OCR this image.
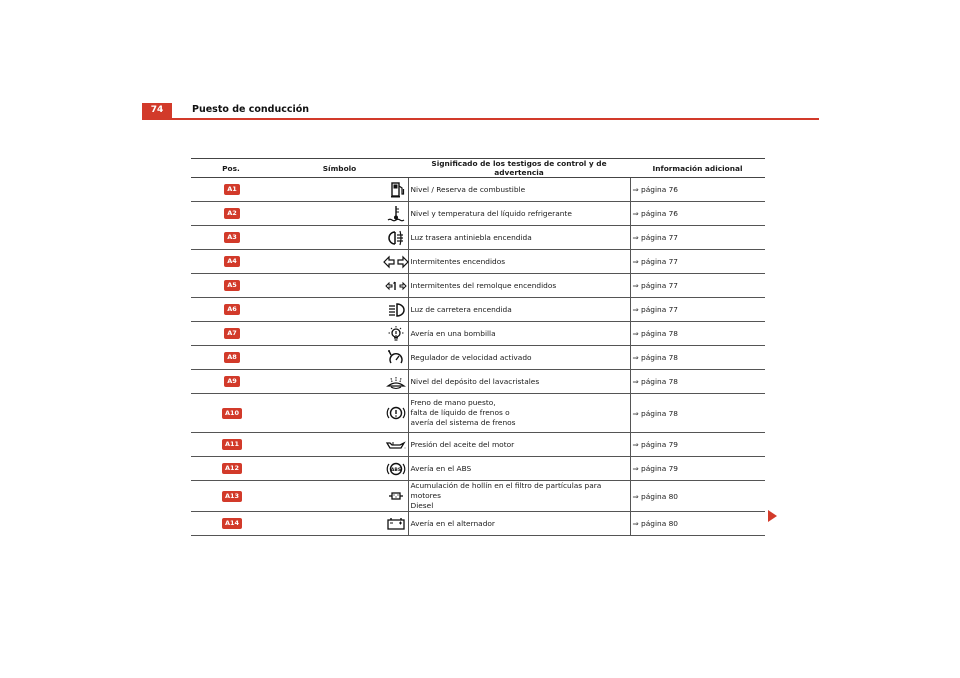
74	Puesto de conducción
Pos.	Símbolo	Significado de los testigos de control y de advertencia	Información adicional
A1		Nivel / Reserva de combustible	⇒ página 76
A2		Nivel y temperatura del líquido refrigerante	⇒ página 76
A3		Luz trasera antiniebla encendida	⇒ página 77
A4		Intermitentes encendidos	⇒ página 77
A5		Intermitentes del remolque encendidos	⇒ página 77
A6		Luz de carretera encendida	⇒ página 77
A7		Avería en una bombilla	⇒ página 78
A8		Regulador de velocidad activado	⇒ página 78
A9		Nivel del depósito del lavacristales	⇒ página 78
A10		Freno de mano puesto,
falta de líquido de frenos o
avería del sistema de frenos	⇒ página 78
A11		Presión del aceite del motor	⇒ página 79
A12	ABS	Avería en el ABS	⇒ página 79
A13		Acumulación de hollín en el filtro de partículas para motores
Diesel	⇒ página 80
A14		Avería en el alternador	⇒ página 80
